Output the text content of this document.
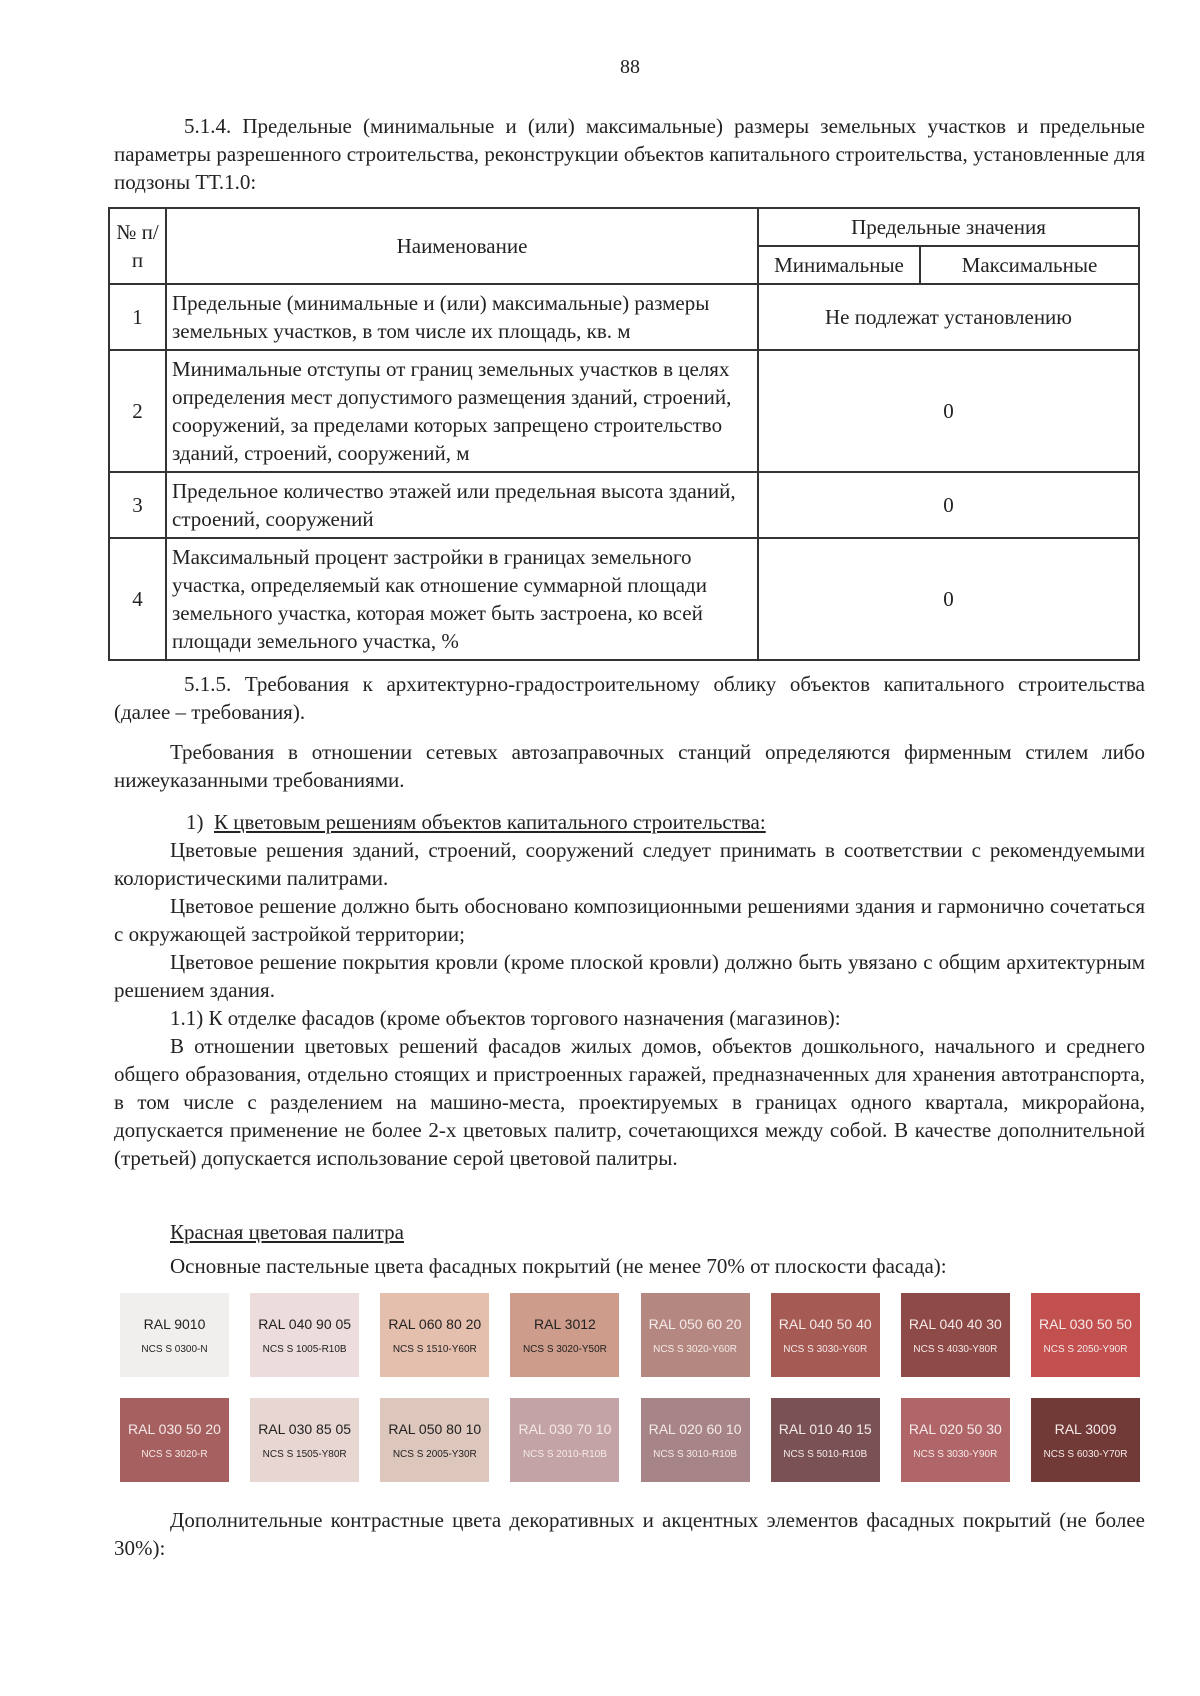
88
5.1.4. Предельные (минимальные и (или) максимальные) размеры земельных участков и предельные параметры разрешенного строительства, реконструкции объектов капитального строительства, установленные для подзоны ТТ.1.0:
№ п/п	Наименование	Предельные значения	
		Минимальные	Максимальные
1	Предельные (минимальные и (или) максимальные) размеры земельных участков, в том числе их площадь, кв. м	Не подлежат установлению	
2	Минимальные отступы от границ земельных участков в целях определения мест допустимого размещения зданий, строений, сооружений, за пределами которых запрещено строительство зданий, строений, сооружений, м	0	
3	Предельное количество этажей или предельная высота зданий, строений, сооружений	0	
4	Максимальный процент застройки в границах земельного участка, определяемый как отношение суммарной площади земельного участка, которая может быть застроена, ко всей площади земельного участка, %	0	
5.1.5. Требования к архитектурно-градостроительному облику объектов капитального строительства (далее – требования).
Требования в отношении сетевых автозаправочных станций определяются фирменным стилем либо нижеуказанными требованиями.
1) К цветовым решениям объектов капитального строительства:
Цветовые решения зданий, строений, сооружений следует принимать в соответствии с рекомендуемыми колористическими палитрами.
Цветовое решение должно быть обосновано композиционными решениями здания и гармонично сочетаться с окружающей застройкой территории;
Цветовое решение покрытия кровли (кроме плоской кровли) должно быть увязано с общим архитектурным решением здания.
1.1) К отделке фасадов (кроме объектов торгового назначения (магазинов):
В отношении цветовых решений фасадов жилых домов, объектов дошкольного, начального и среднего общего образования, отдельно стоящих и пристроенных гаражей, предназначенных для хранения автотранспорта, в том числе с разделением на машино-места, проектируемых в границах одного квартала, микрорайона, допускается применение не более 2-х цветовых палитр, сочетающихся между собой. В качестве дополнительной (третьей) допускается использование серой цветовой палитры.
Красная цветовая палитра
Основные пастельные цвета фасадных покрытий (не менее 70% от плоскости фасада):
RAL 9010
NCS S 0300-N
RAL 040 90 05
NCS S 1005-R10B
RAL 060 80 20
NCS S 1510-Y60R
RAL 3012
NCS S 3020-Y50R
RAL 050 60 20
NCS S 3020-Y60R
RAL 040 50 40
NCS S 3030-Y60R
RAL 040 40 30
NCS S 4030-Y80R
RAL 030 50 50
NCS S 2050-Y90R
RAL 030 50 20
NCS S 3020-R
RAL 030 85 05
NCS S 1505-Y80R
RAL 050 80 10
NCS S 2005-Y30R
RAL 030 70 10
NCS S 2010-R10B
RAL 020 60 10
NCS S 3010-R10B
RAL 010 40 15
NCS S 5010-R10B
RAL 020 50 30
NCS S 3030-Y90R
RAL 3009
NCS S 6030-Y70R
Дополнительные контрастные цвета декоративных и акцентных элементов фасадных покрытий (не более 30%):
